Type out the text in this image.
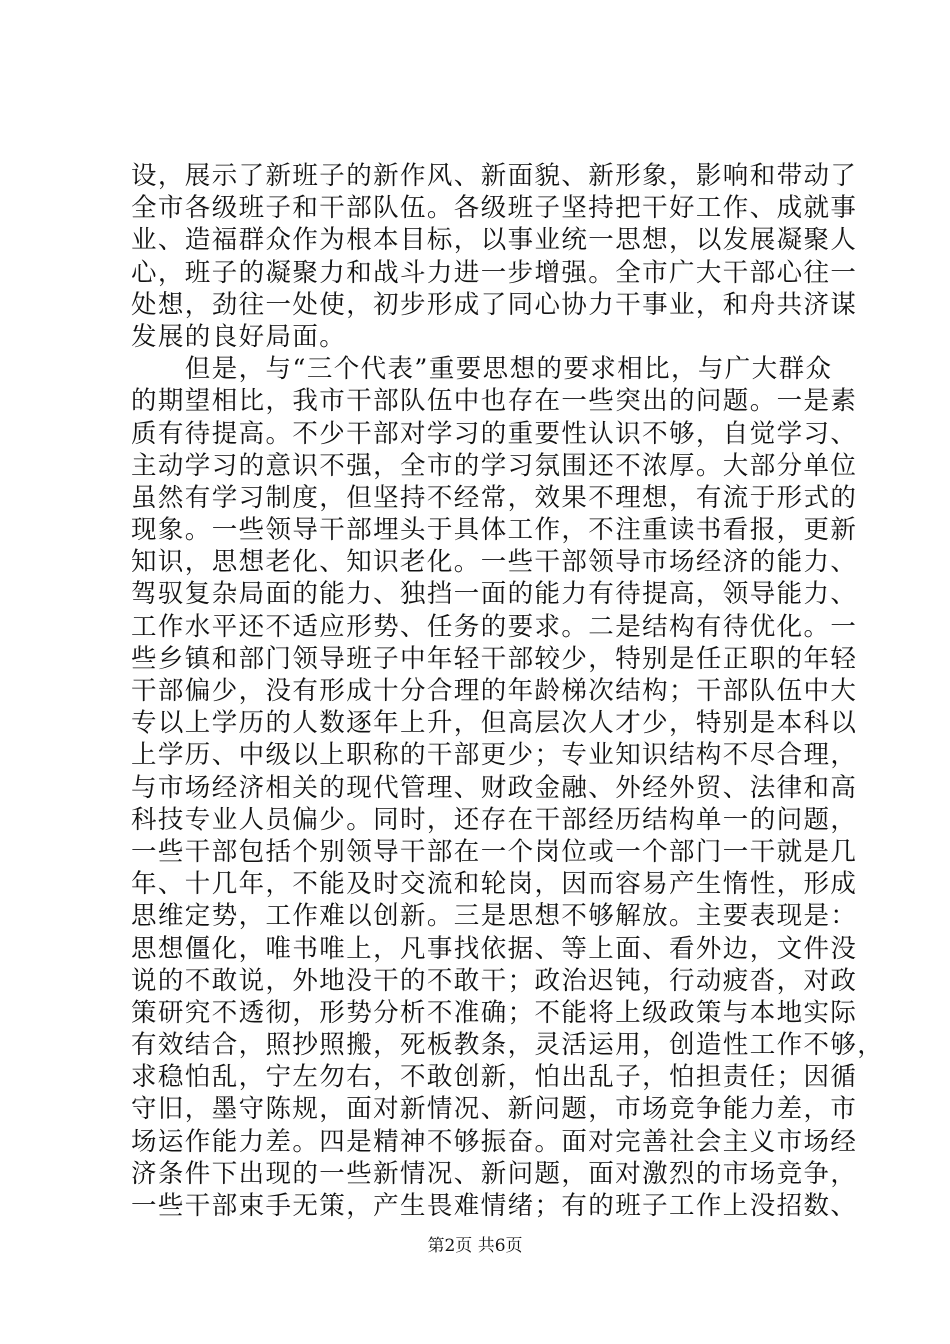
设，展示了新班子的新作风、新面貌、新形象，影响和带动了
全市各级班子和干部队伍。各级班子坚持把干好工作、成就事
业、造福群众作为根本目标，以事业统一思想，以发展凝聚人
心，班子的凝聚力和战斗力进一步增强。全市广大干部心往一
处想，劲往一处使，初步形成了同心协力干事业，和舟共济谋
发展的良好局面。
　　但是，与“三个代表”重要思想的要求相比，与广大群众
的期望相比，我市干部队伍中也存在一些突出的问题。一是素
质有待提高。不少干部对学习的重要性认识不够，自觉学习、
主动学习的意识不强，全市的学习氛围还不浓厚。大部分单位
虽然有学习制度，但坚持不经常，效果不理想，有流于形式的
现象。一些领导干部埋头于具体工作，不注重读书看报，更新
知识，思想老化、知识老化。一些干部领导市场经济的能力、
驾驭复杂局面的能力、独挡一面的能力有待提高，领导能力、
工作水平还不适应形势、任务的要求。二是结构有待优化。一
些乡镇和部门领导班子中年轻干部较少，特别是任正职的年轻
干部偏少，没有形成十分合理的年龄梯次结构；干部队伍中大
专以上学历的人数逐年上升，但高层次人才少，特别是本科以
上学历、中级以上职称的干部更少；专业知识结构不尽合理，
与市场经济相关的现代管理、财政金融、外经外贸、法律和高
科技专业人员偏少。同时，还存在干部经历结构单一的问题，
一些干部包括个别领导干部在一个岗位或一个部门一干就是几
年、十几年，不能及时交流和轮岗，因而容易产生惰性，形成
思维定势，工作难以创新。三是思想不够解放。主要表现是：
思想僵化，唯书唯上，凡事找依据、等上面、看外边，文件没
说的不敢说，外地没干的不敢干；政治迟钝，行动疲沓，对政
策研究不透彻，形势分析不准确；不能将上级政策与本地实际
有效结合，照抄照搬，死板教条，灵活运用，创造性工作不够，
求稳怕乱，宁左勿右，不敢创新，怕出乱子，怕担责任；因循
守旧，墨守陈规，面对新情况、新问题，市场竞争能力差，市
场运作能力差。四是精神不够振奋。面对完善社会主义市场经
济条件下出现的一些新情况、新问题，面对激烈的市场竞争，
一些干部束手无策，产生畏难情绪；有的班子工作上没招数、
第2页 共6页
